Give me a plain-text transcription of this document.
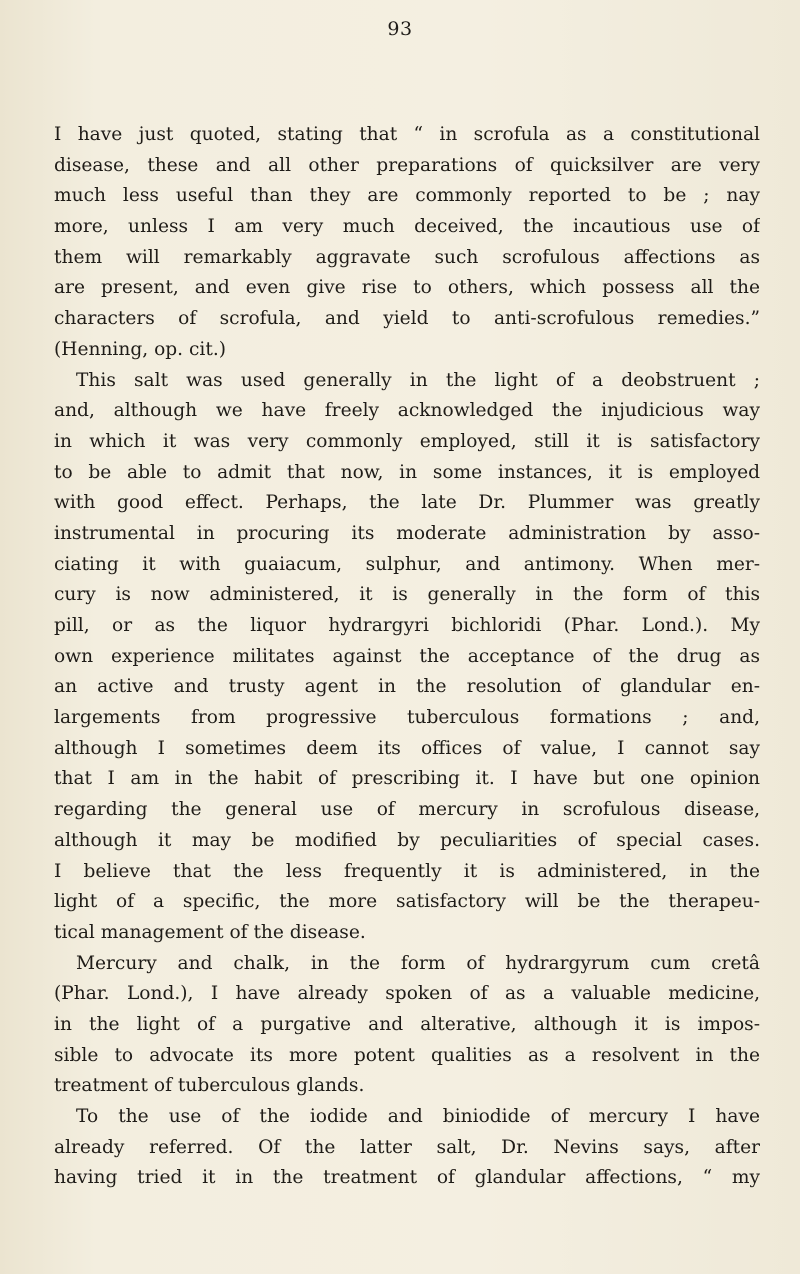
93
I have just quoted, stating that “ in scrofula as a constitutional
disease, these and all other preparations of quicksilver are very
much less useful than they are commonly reported to be ; nay
more, unless I am very much deceived, the incautious use of
them will remarkably aggravate such scrofulous affections as
are present, and even give rise to others, which possess all the
characters of scrofula, and yield to anti-scrofulous remedies.”
(Henning, op. cit.)
This salt was used generally in the light of a deobstruent ;
and, although we have freely acknowledged the injudicious way
in which it was very commonly employed, still it is satisfactory
to be able to admit that now, in some instances, it is employed
with good effect. Perhaps, the late Dr. Plummer was greatly
instrumental in procuring its moderate administration by asso-
ciating it with guaiacum, sulphur, and antimony. When mer-
cury is now administered, it is generally in the form of this
pill, or as the liquor hydrargyri bichloridi (Phar. Lond.). My
own experience militates against the acceptance of the drug as
an active and trusty agent in the resolution of glandular en-
largements from progressive tuberculous formations ; and,
although I sometimes deem its offices of value, I cannot say
that I am in the habit of prescribing it. I have but one opinion
regarding the general use of mercury in scrofulous disease,
although it may be modified by peculiarities of special cases.
I believe that the less frequently it is administered, in the
light of a specific, the more satisfactory will be the therapeu-
tical management of the disease.
Mercury and chalk, in the form of hydrargyrum cum cretâ
(Phar. Lond.), I have already spoken of as a valuable medicine,
in the light of a purgative and alterative, although it is impos-
sible to advocate its more potent qualities as a resolvent in the
treatment of tuberculous glands.
To the use of the iodide and biniodide of mercury I have
already referred. Of the latter salt, Dr. Nevins says, after
having tried it in the treatment of glandular affections, “ my
